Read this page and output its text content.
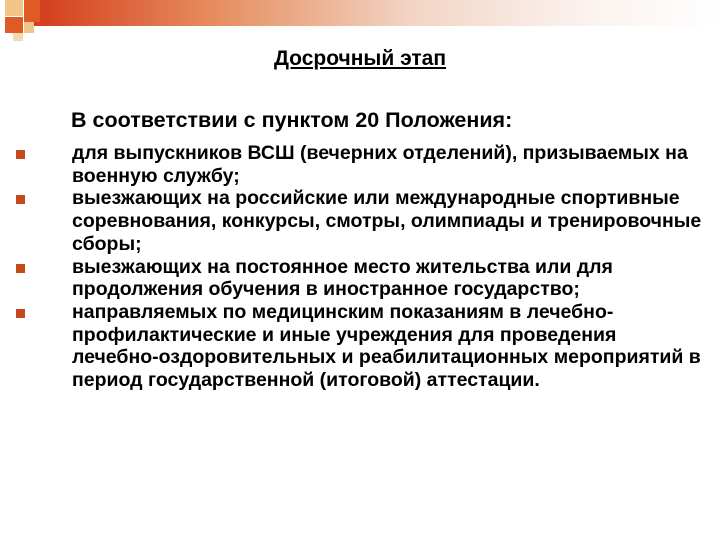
Досрочный этап
В соответствии с пунктом 20 Положения:
для выпускников ВСШ (вечерних отделений), призываемых на военную службу;
выезжающих на российские или международные спортивные соревнования, конкурсы, смотры, олимпиады и тренировочные сборы;
выезжающих на постоянное место жительства или для продолжения обучения в иностранное государство;
направляемых по медицинским показаниям в лечебно-профилактические и иные учреждения для проведения лечебно-оздоровительных и реабилитационных мероприятий в период государственной (итоговой) аттестации.
